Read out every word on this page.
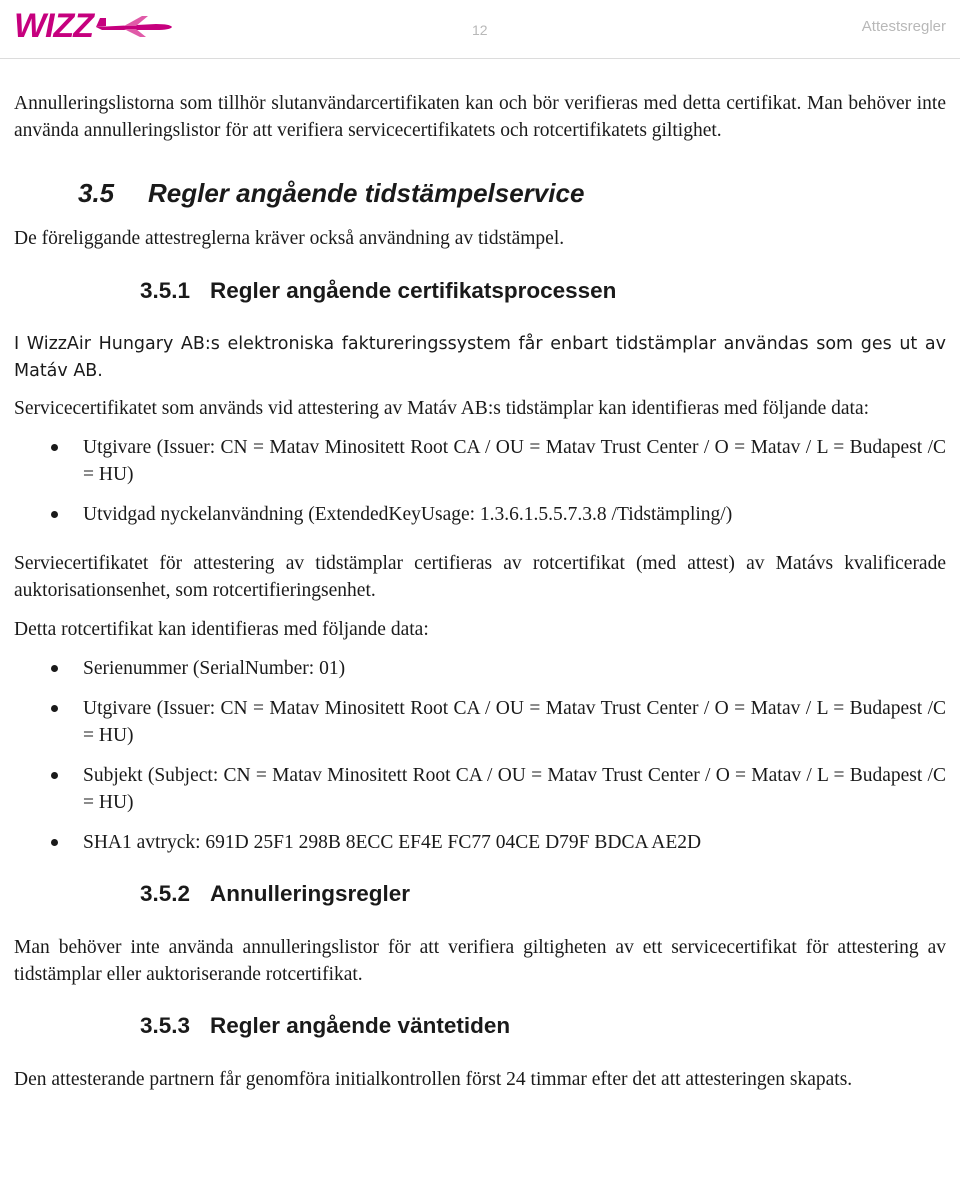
WIZZ	12	Attestsregler

Annulleringslistorna som tillhör slutanvändarcertifikaten kan och bör verifieras med detta certifikat. Man behöver inte använda annulleringslistor för att verifiera servicecertifikatets och rotcertifikatets giltighet.

3.5 Regler angående tidstämpelservice

De föreliggande attestreglerna kräver också användning av tidstämpel.

3.5.1 Regler angående certifikatsprocessen

I WizzAir Hungary AB:s elektroniska faktureringssystem får enbart tidstämplar användas som ges ut av Matáv AB.

Servicecertifikatet som används vid attestering av Matáv AB:s tidstämplar kan identifieras med följande data:

Utgivare (Issuer: CN = Matav Minositett Root CA / OU = Matav Trust Center / O = Matav / L = Budapest /C = HU)
Utvidgad nyckelanvändning (ExtendedKeyUsage: 1.3.6.1.5.5.7.3.8 /Tidstämpling/)

Serviecertifikatet för attestering av tidstämplar certifieras av rotcertifikat (med attest) av Matávs kvalificerade auktorisationsenhet, som rotcertifieringsenhet.

Detta rotcertifikat kan identifieras med följande data:

Serienummer (SerialNumber: 01)
Utgivare (Issuer: CN = Matav Minositett Root CA / OU = Matav Trust Center / O = Matav / L = Budapest /C = HU)
Subjekt (Subject: CN = Matav Minositett Root CA / OU = Matav Trust Center / O = Matav / L = Budapest /C = HU)
SHA1 avtryck: 691D 25F1 298B 8ECC EF4E FC77 04CE D79F BDCA AE2D
3.5.2 Annulleringsregler

Man behöver inte använda annulleringslistor för att verifiera giltigheten av ett servicecertifikat för attestering av tidstämplar eller auktoriserande rotcertifikat.

3.5.3 Regler angående väntetiden

Den attesterande partnern får genomföra initialkontrollen först 24 timmar efter det att attesteringen skapats.
